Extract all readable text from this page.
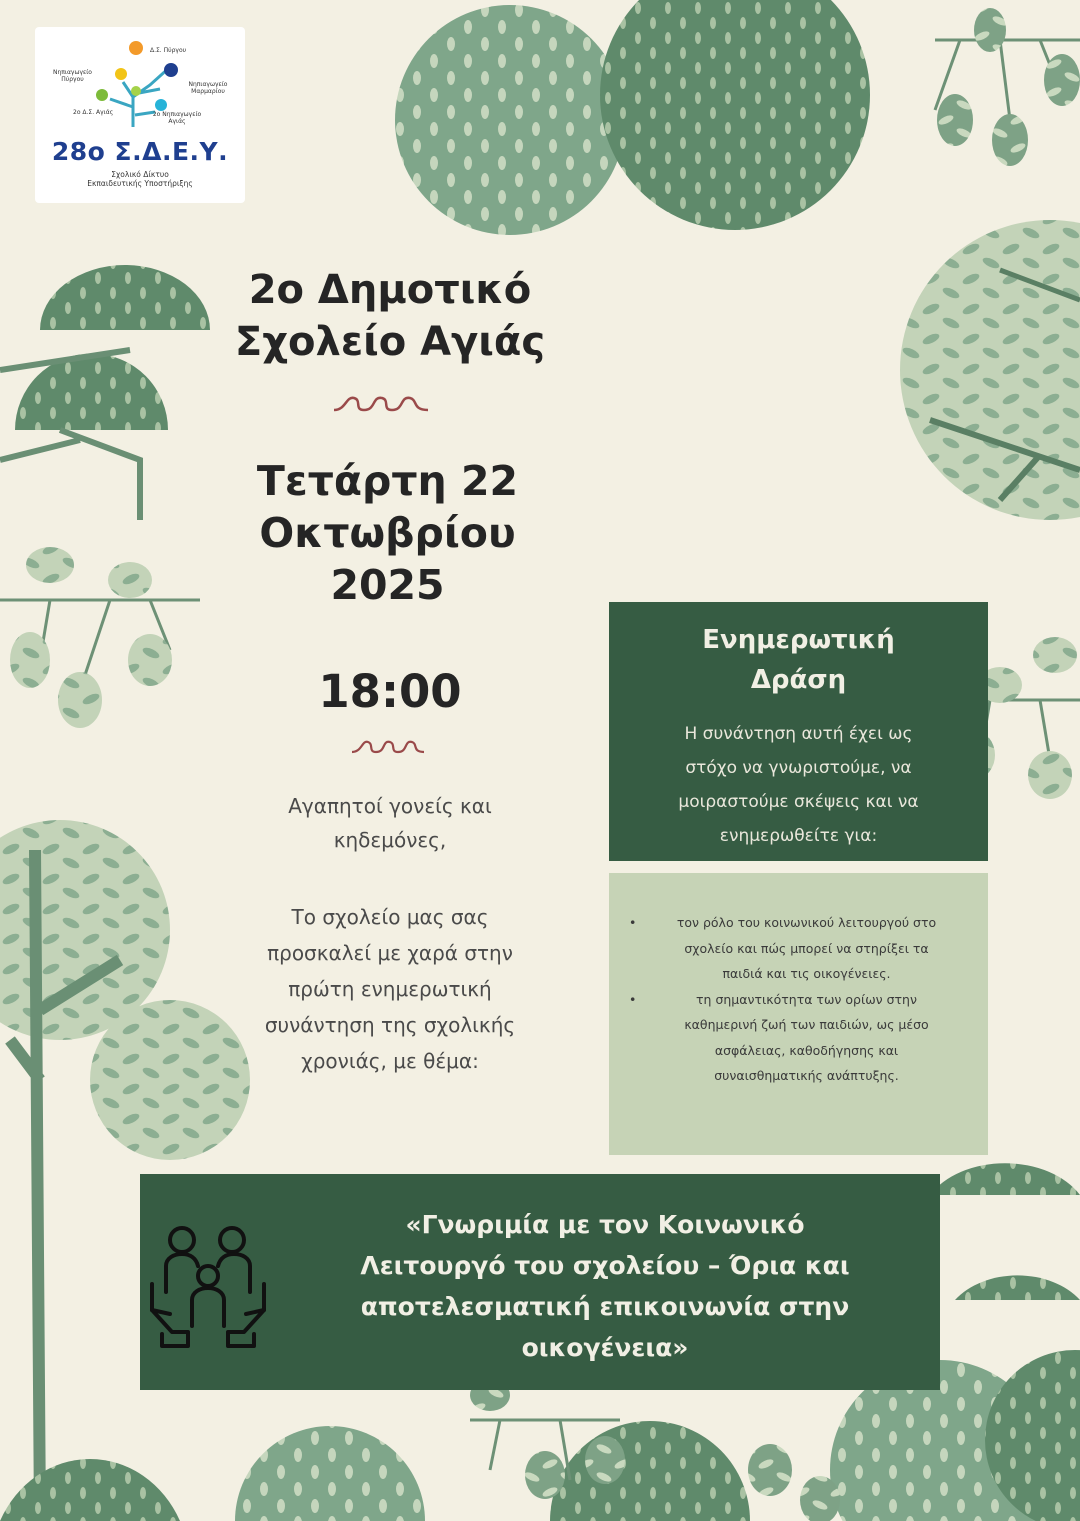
Δ.Σ. Πύργου
Νηπιαγωγείο Πύργου
Νηπιαγωγείο Μαρμαρίου
2ο Δ.Σ. Αγιάς	2ο Νηπιαγωγείο Αγιάς
28ο Σ.Δ.Ε.Υ.
Σχολικό Δίκτυο
Εκπαιδευτικής Υποστήριξης
2ο Δημοτικό
Σχολείο Αγιάς
Τετάρτη 22
Οκτωβρίου
2025
18:00
Αγαπητοί γονείς και
κηδεμόνες,
Το σχολείο μας σας
προσκαλεί με χαρά στην
πρώτη ενημερωτική
συνάντηση της σχολικής
χρονιάς, με θέμα:
Ενημερωτική
Δράση
Η συνάντηση αυτή έχει ως
στόχο να γνωριστούμε, να
μοιραστούμε σκέψεις και να
ενημερωθείτε για:
•	τον ρόλο του κοινωνικού λειτουργού στο
σχολείο και πώς μπορεί να στηρίξει τα
παιδιά και τις οικογένειες.
•	τη σημαντικότητα των ορίων στην
καθημερινή ζωή των παιδιών, ως μέσο
ασφάλειας, καθοδήγησης και
συναισθηματικής ανάπτυξης.
«Γνωριμία με τον Κοινωνικό
Λειτουργό του σχολείου – Όρια και
αποτελεσματική επικοινωνία στην
οικογένεια»
